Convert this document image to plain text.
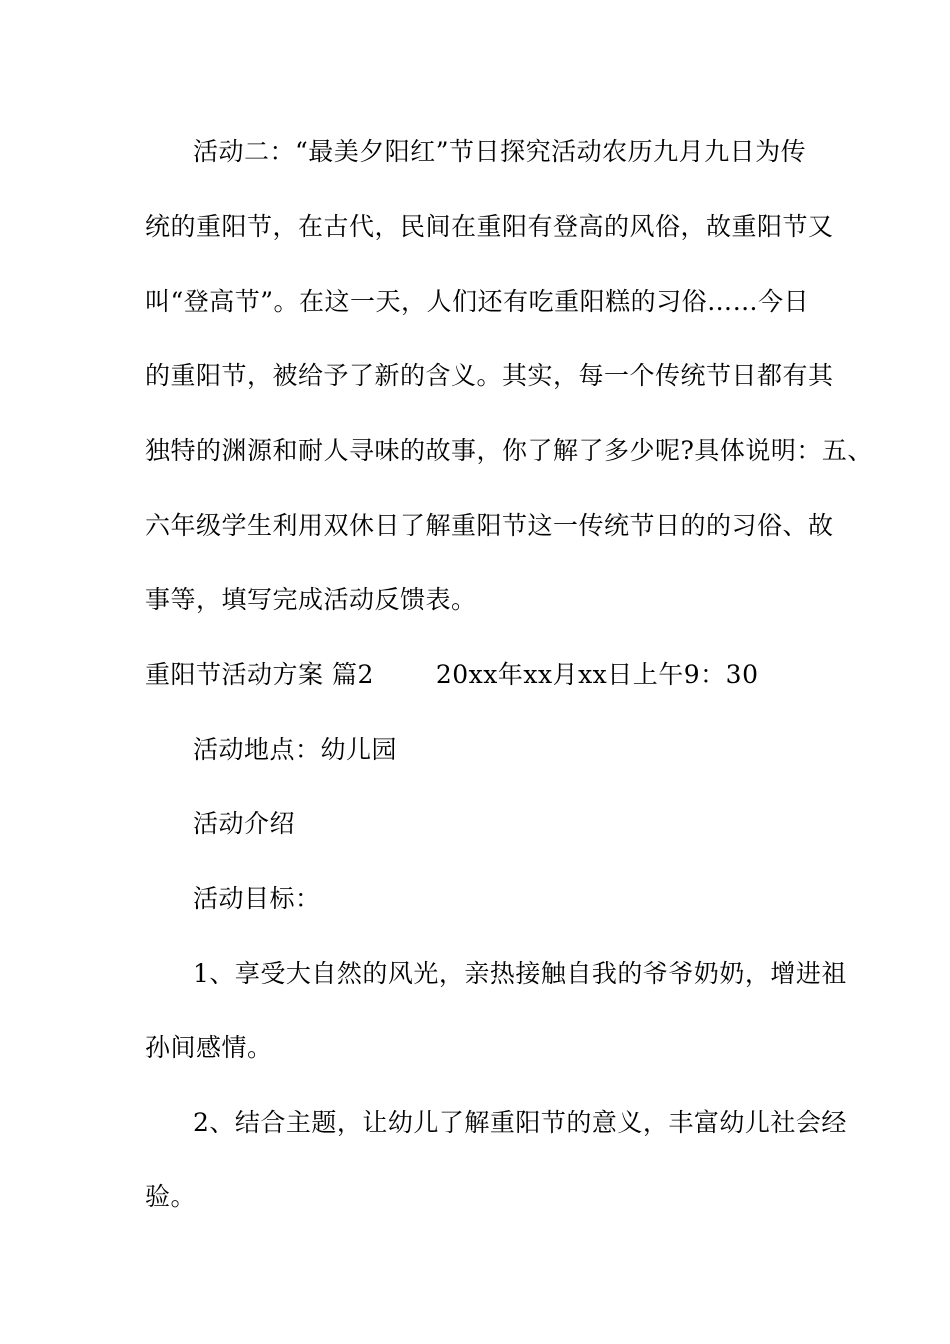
活动二：“最美夕阳红”节日探究活动农历九月九日为传
统的重阳节，在古代，民间在重阳有登高的风俗，故重阳节又
叫“登高节”。在这一天，人们还有吃重阳糕的习俗……今日
的重阳节，被给予了新的含义。其实，每一个传统节日都有其
独特的渊源和耐人寻味的故事，你了解了多少呢?具体说明：五、
六年级学生利用双休日了解重阳节这一传统节日的的习俗、故
事等，填写完成活动反馈表。
重阳节活动方案 篇2 20xx年xx月xx日上午9：30
活动地点：幼儿园
活动介绍
活动目标：
1、享受大自然的风光，亲热接触自我的爷爷奶奶，增进祖
孙间感情。
2、结合主题，让幼儿了解重阳节的意义，丰富幼儿社会经
验。
